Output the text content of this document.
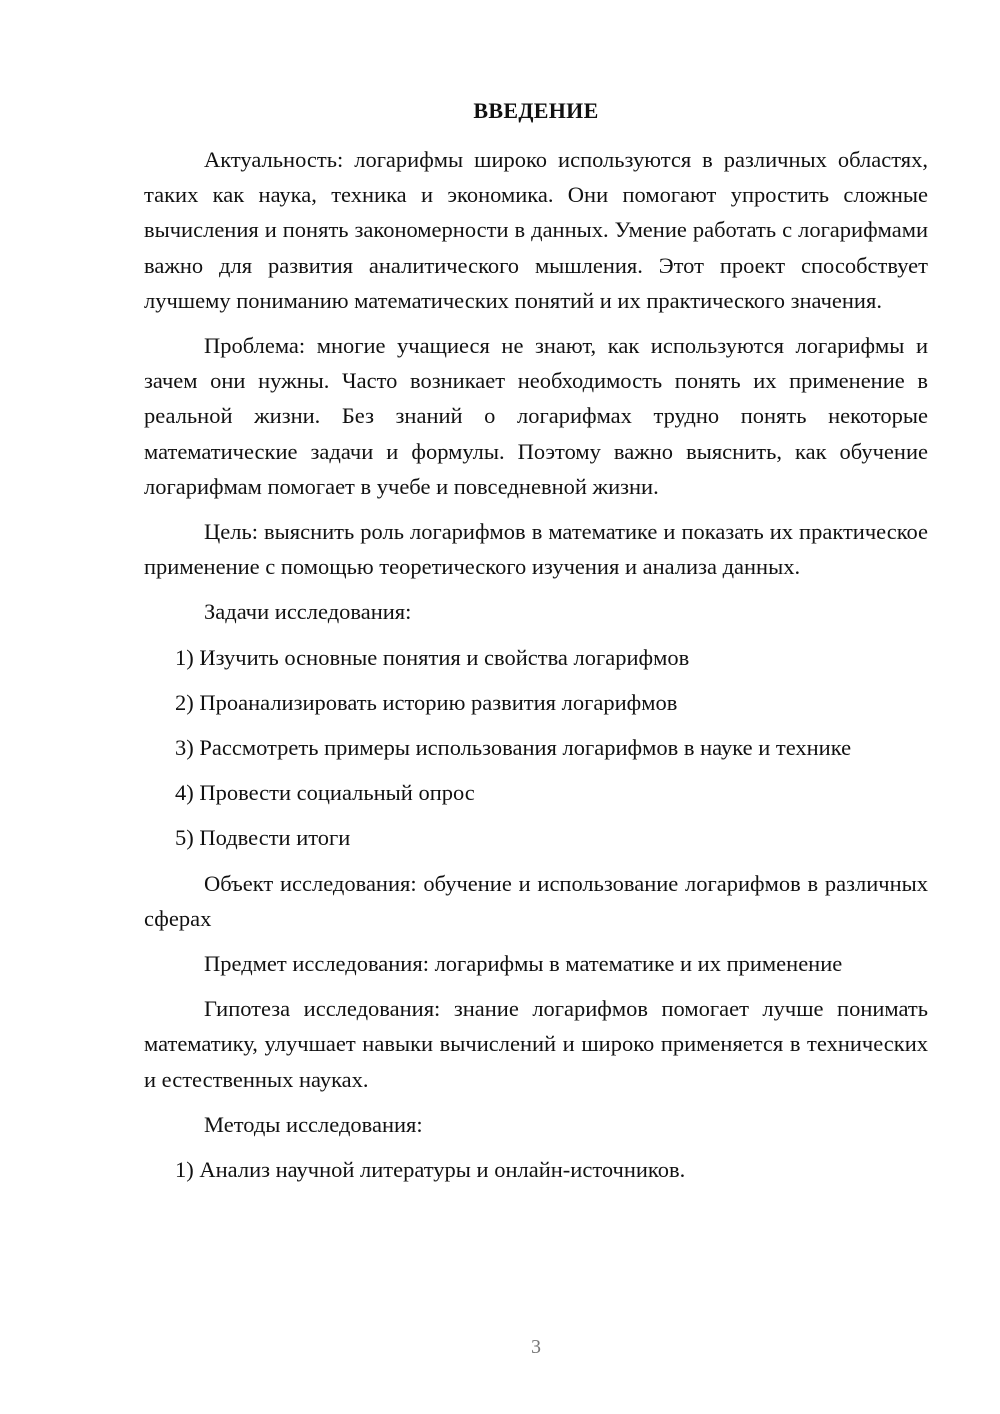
ВВЕДЕНИЕ

Актуальность: логарифмы широко используются в различных областях, таких как наука, техника и экономика. Они помогают упростить сложные вычисления и понять закономерности в данных. Умение работать с логарифмами важно для развития аналитического мышления. Этот проект способствует лучшему пониманию математических понятий и их практического значения.

Проблема: многие учащиеся не знают, как используются логарифмы и зачем они нужны. Часто возникает необходимость понять их применение в реальной жизни. Без знаний о логарифмах трудно понять некоторые математические задачи и формулы. Поэтому важно выяснить, как обучение логарифмам помогает в учебе и повседневной жизни.

Цель: выяснить роль логарифмов в математике и показать их практическое применение с помощью теоретического изучения и анализа данных.

Задачи исследования:

1) Изучить основные понятия и свойства логарифмов
2) Проанализировать историю развития логарифмов
3) Рассмотреть примеры использования логарифмов в науке и технике
4) Провести социальный опрос
5) Подвести итоги

Объект исследования: обучение и использование логарифмов в различных сферах

Предмет исследования: логарифмы в математике и их применение

Гипотеза исследования: знание логарифмов помогает лучше понимать математику, улучшает навыки вычислений и широко применяется в технических и естественных науках.

Методы исследования:

1) Анализ научной литературы и онлайн-источников.
3
